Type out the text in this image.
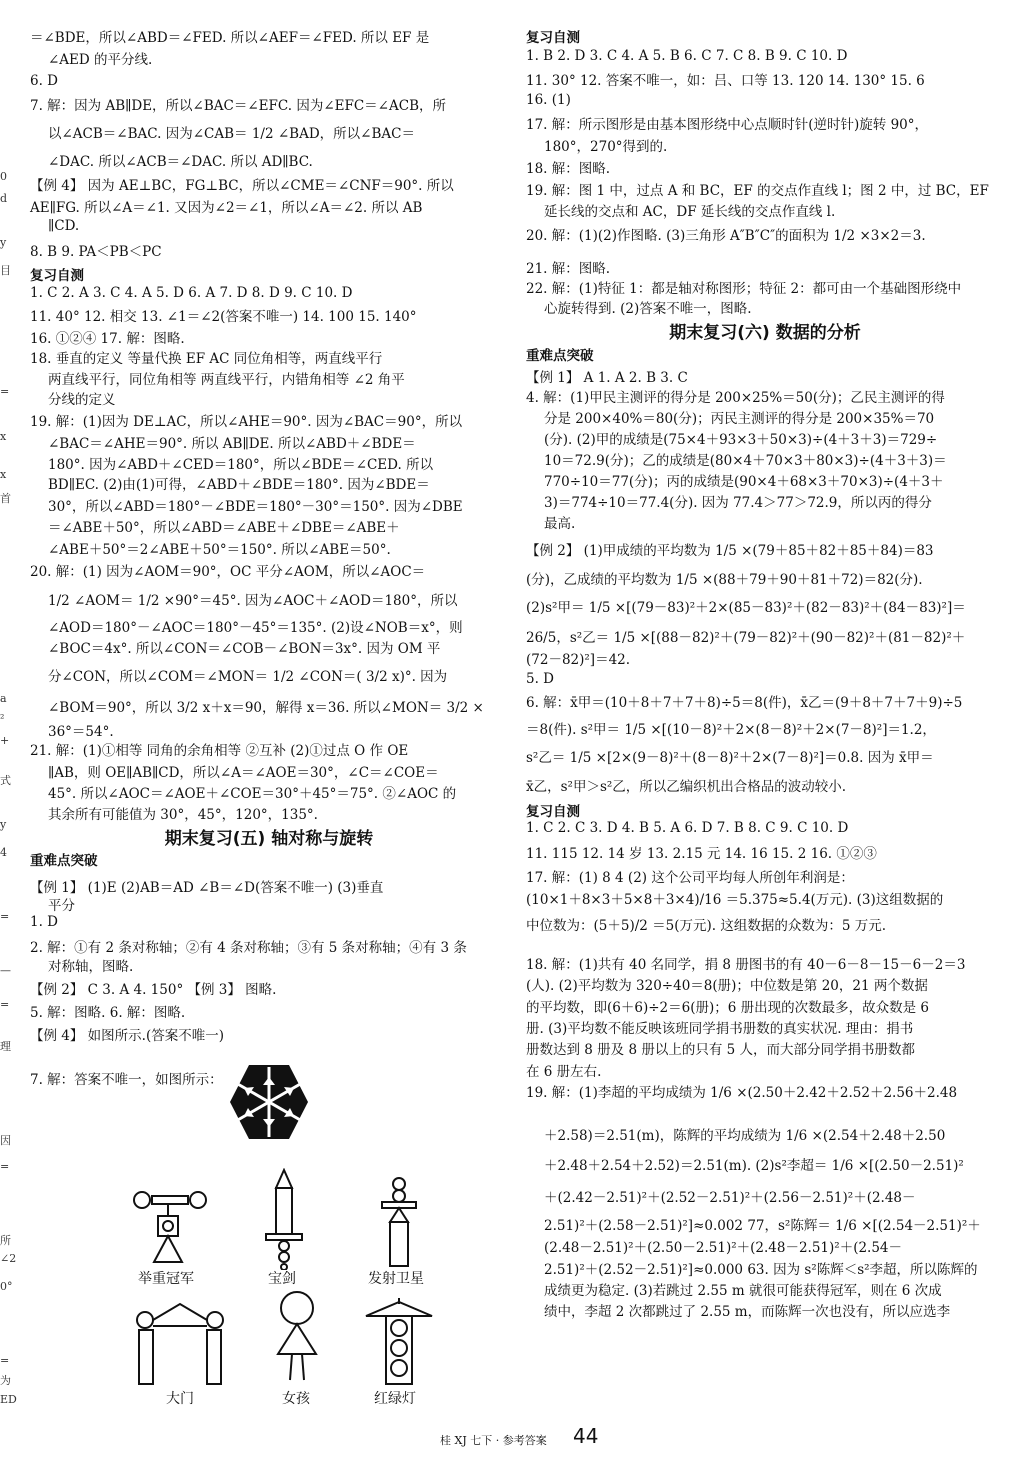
0
d
y
目
=
x
x
首
a
²
+
式
y
4
=
—
=
理
因
=
所
∠2
0°
=
为
ED
＝∠BDE，所以∠ABD＝∠FED. 所以∠AEF＝∠FED. 所以 EF 是
∠AED 的平分线.
6. D
7. 解：因为 AB∥DE，所以∠BAC＝∠EFC. 因为∠EFC＝∠ACB，所
以∠ACB＝∠BAC. 因为∠CAB＝ 1/2 ∠BAD，所以∠BAC＝
∠DAC. 所以∠ACB＝∠DAC. 所以 AD∥BC.
【例 4】 因为 AE⊥BC，FG⊥BC，所以∠CME＝∠CNF＝90°. 所以
AE∥FG. 所以∠A＝∠1. 又因为∠2＝∠1，所以∠A＝∠2. 所以 AB
∥CD.
8. B 9. PA＜PB＜PC
复习自测
1. C 2. A 3. C 4. A 5. D 6. A 7. D 8. D 9. C 10. D
11. 40° 12. 相交 13. ∠1＝∠2(答案不唯一) 14. 100 15. 140°
16. ①②④ 17. 解：图略.
18. 垂直的定义 等量代换 EF AC 同位角相等，两直线平行
两直线平行，同位角相等 两直线平行，内错角相等 ∠2 角平
分线的定义
19. 解：(1)因为 DE⊥AC，所以∠AHE＝90°. 因为∠BAC＝90°，所以
∠BAC＝∠AHE＝90°. 所以 AB∥DE. 所以∠ABD＋∠BDE＝
180°. 因为∠ABD＋∠CED＝180°，所以∠BDE＝∠CED. 所以
BD∥EC. (2)由(1)可得，∠ABD＋∠BDE＝180°. 因为∠BDE＝
30°，所以∠ABD＝180°－∠BDE＝180°－30°＝150°. 因为∠DBE
＝∠ABE＋50°，所以∠ABD＝∠ABE＋∠DBE＝∠ABE＋
∠ABE＋50°＝2∠ABE＋50°＝150°. 所以∠ABE＝50°.
20. 解：(1) 因为∠AOM＝90°，OC 平分∠AOM，所以∠AOC＝
1/2 ∠AOM＝ 1/2 ×90°＝45°. 因为∠AOC＋∠AOD＝180°，所以
∠AOD＝180°－∠AOC＝180°－45°＝135°. (2)设∠NOB＝x°，则
∠BOC＝4x°. 所以∠CON＝∠COB－∠BON＝3x°. 因为 OM 平
分∠CON，所以∠COM＝∠MON＝ 1/2 ∠CON＝( 3/2 x)°. 因为
∠BOM＝90°，所以 3/2 x＋x＝90，解得 x＝36. 所以∠MON＝ 3/2 ×
36°＝54°.
21. 解：(1)①相等 同角的余角相等 ②互补 (2)①过点 O 作 OE
∥AB，则 OE∥AB∥CD，所以∠A＝∠AOE＝30°，∠C＝∠COE＝
45°. 所以∠AOC＝∠AOE＋∠COE＝30°＋45°＝75°. ②∠AOC 的
其余所有可能值为 30°，45°，120°，135°.
期末复习(五) 轴对称与旋转
重难点突破
【例 1】 (1)E (2)AB＝AD ∠B＝∠D(答案不唯一) (3)垂直
平分
1. D
2. 解：①有 2 条对称轴；②有 4 条对称轴；③有 5 条对称轴；④有 3 条
对称轴，图略.
【例 2】 C 3. A 4. 150° 【例 3】 图略.
5. 解：图略. 6. 解：图略.
【例 4】 如图所示.(答案不唯一)
7. 解：答案不唯一，如图所示：
复习自测
1. B 2. D 3. C 4. A 5. B 6. C 7. C 8. B 9. C 10. D
11. 30° 12. 答案不唯一，如：吕、口等 13. 120 14. 130° 15. 6
16. (1)
17. 解：所示图形是由基本图形绕中心点顺时针(逆时针)旋转 90°，
180°，270°得到的.
18. 解：图略.
19. 解：图 1 中，过点 A 和 BC，EF 的交点作直线 l；图 2 中，过 BC，EF
延长线的交点和 AC，DF 延长线的交点作直线 l.
20. 解：(1)(2)作图略. (3)三角形 A″B″C″的面积为 1/2 ×3×2＝3.
21. 解：图略.
22. 解：(1)特征 1：都是轴对称图形；特征 2：都可由一个基础图形绕中
心旋转得到. (2)答案不唯一，图略.
期末复习(六) 数据的分析
重难点突破
【例 1】 A 1. A 2. B 3. C
4. 解：(1)甲民主测评的得分是 200×25%＝50(分)；乙民主测评的得
分是 200×40%＝80(分)；丙民主测评的得分是 200×35%＝70
(分). (2)甲的成绩是(75×4＋93×3＋50×3)÷(4＋3＋3)＝729÷
10＝72.9(分)；乙的成绩是(80×4＋70×3＋80×3)÷(4＋3＋3)＝
770÷10＝77(分)；丙的成绩是(90×4＋68×3＋70×3)÷(4＋3＋
3)＝774÷10＝77.4(分). 因为 77.4＞77＞72.9，所以丙的得分
最高.
【例 2】 (1)甲成绩的平均数为 1/5 ×(79＋85＋82＋85＋84)＝83
(分)，乙成绩的平均数为 1/5 ×(88＋79＋90＋81＋72)＝82(分).
(2)s²甲＝ 1/5 ×[(79－83)²＋2×(85－83)²＋(82－83)²＋(84－83)²]＝
26/5，s²乙＝ 1/5 ×[(88－82)²＋(79－82)²＋(90－82)²＋(81－82)²＋
(72－82)²]＝42.
5. D
6. 解：x̄甲＝(10＋8＋7＋7＋8)÷5＝8(件)，x̄乙＝(9＋8＋7＋7＋9)÷5
＝8(件). s²甲＝ 1/5 ×[(10－8)²＋2×(8－8)²＋2×(7－8)²]＝1.2，
s²乙＝ 1/5 ×[2×(9－8)²＋(8－8)²＋2×(7－8)²]＝0.8. 因为 x̄甲＝
x̄乙，s²甲＞s²乙，所以乙编织机出合格品的波动较小.
复习自测
1. C 2. C 3. D 4. B 5. A 6. D 7. B 8. C 9. C 10. D
11. 115 12. 14 岁 13. 2.15 元 14. 16 15. 2 16. ①②③
17. 解：(1) 8 4 (2) 这个公司平均每人所创年利润是：
(10×1＋8×3＋5×8＋3×4)/16 ＝5.375≈5.4(万元). (3)这组数据的
中位数为：(5＋5)/2 ＝5(万元). 这组数据的众数为：5 万元.
18. 解：(1)共有 40 名同学，捐 8 册图书的有 40－6－8－15－6－2＝3
(人). (2)平均数为 320÷40＝8(册)；中位数是第 20，21 两个数据
的平均数，即(6＋6)÷2＝6(册)；6 册出现的次数最多，故众数是 6
册. (3)平均数不能反映该班同学捐书册数的真实状况. 理由：捐书
册数达到 8 册及 8 册以上的只有 5 人，而大部分同学捐书册数都
在 6 册左右.
19. 解：(1)李超的平均成绩为 1/6 ×(2.50＋2.42＋2.52＋2.56＋2.48
＋2.58)＝2.51(m)，陈辉的平均成绩为 1/6 ×(2.54＋2.48＋2.50
＋2.48＋2.54＋2.52)＝2.51(m). (2)s²李超＝ 1/6 ×[(2.50－2.51)²
＋(2.42－2.51)²＋(2.52－2.51)²＋(2.56－2.51)²＋(2.48－
2.51)²＋(2.58－2.51)²]≈0.002 77，s²陈辉＝ 1/6 ×[(2.54－2.51)²＋
(2.48－2.51)²＋(2.50－2.51)²＋(2.48－2.51)²＋(2.54－
2.51)²＋(2.52－2.51)²]≈0.000 63. 因为 s²陈辉＜s²李超，所以陈辉的
成绩更为稳定. (3)若跳过 2.55 m 就很可能获得冠军，则在 6 次成
绩中，李超 2 次都跳过了 2.55 m，而陈辉一次也没有，所以应选李
举重冠军	宝剑	发射卫星
大门	女孩	红绿灯
桂 XJ 七下 · 参考答案 44
